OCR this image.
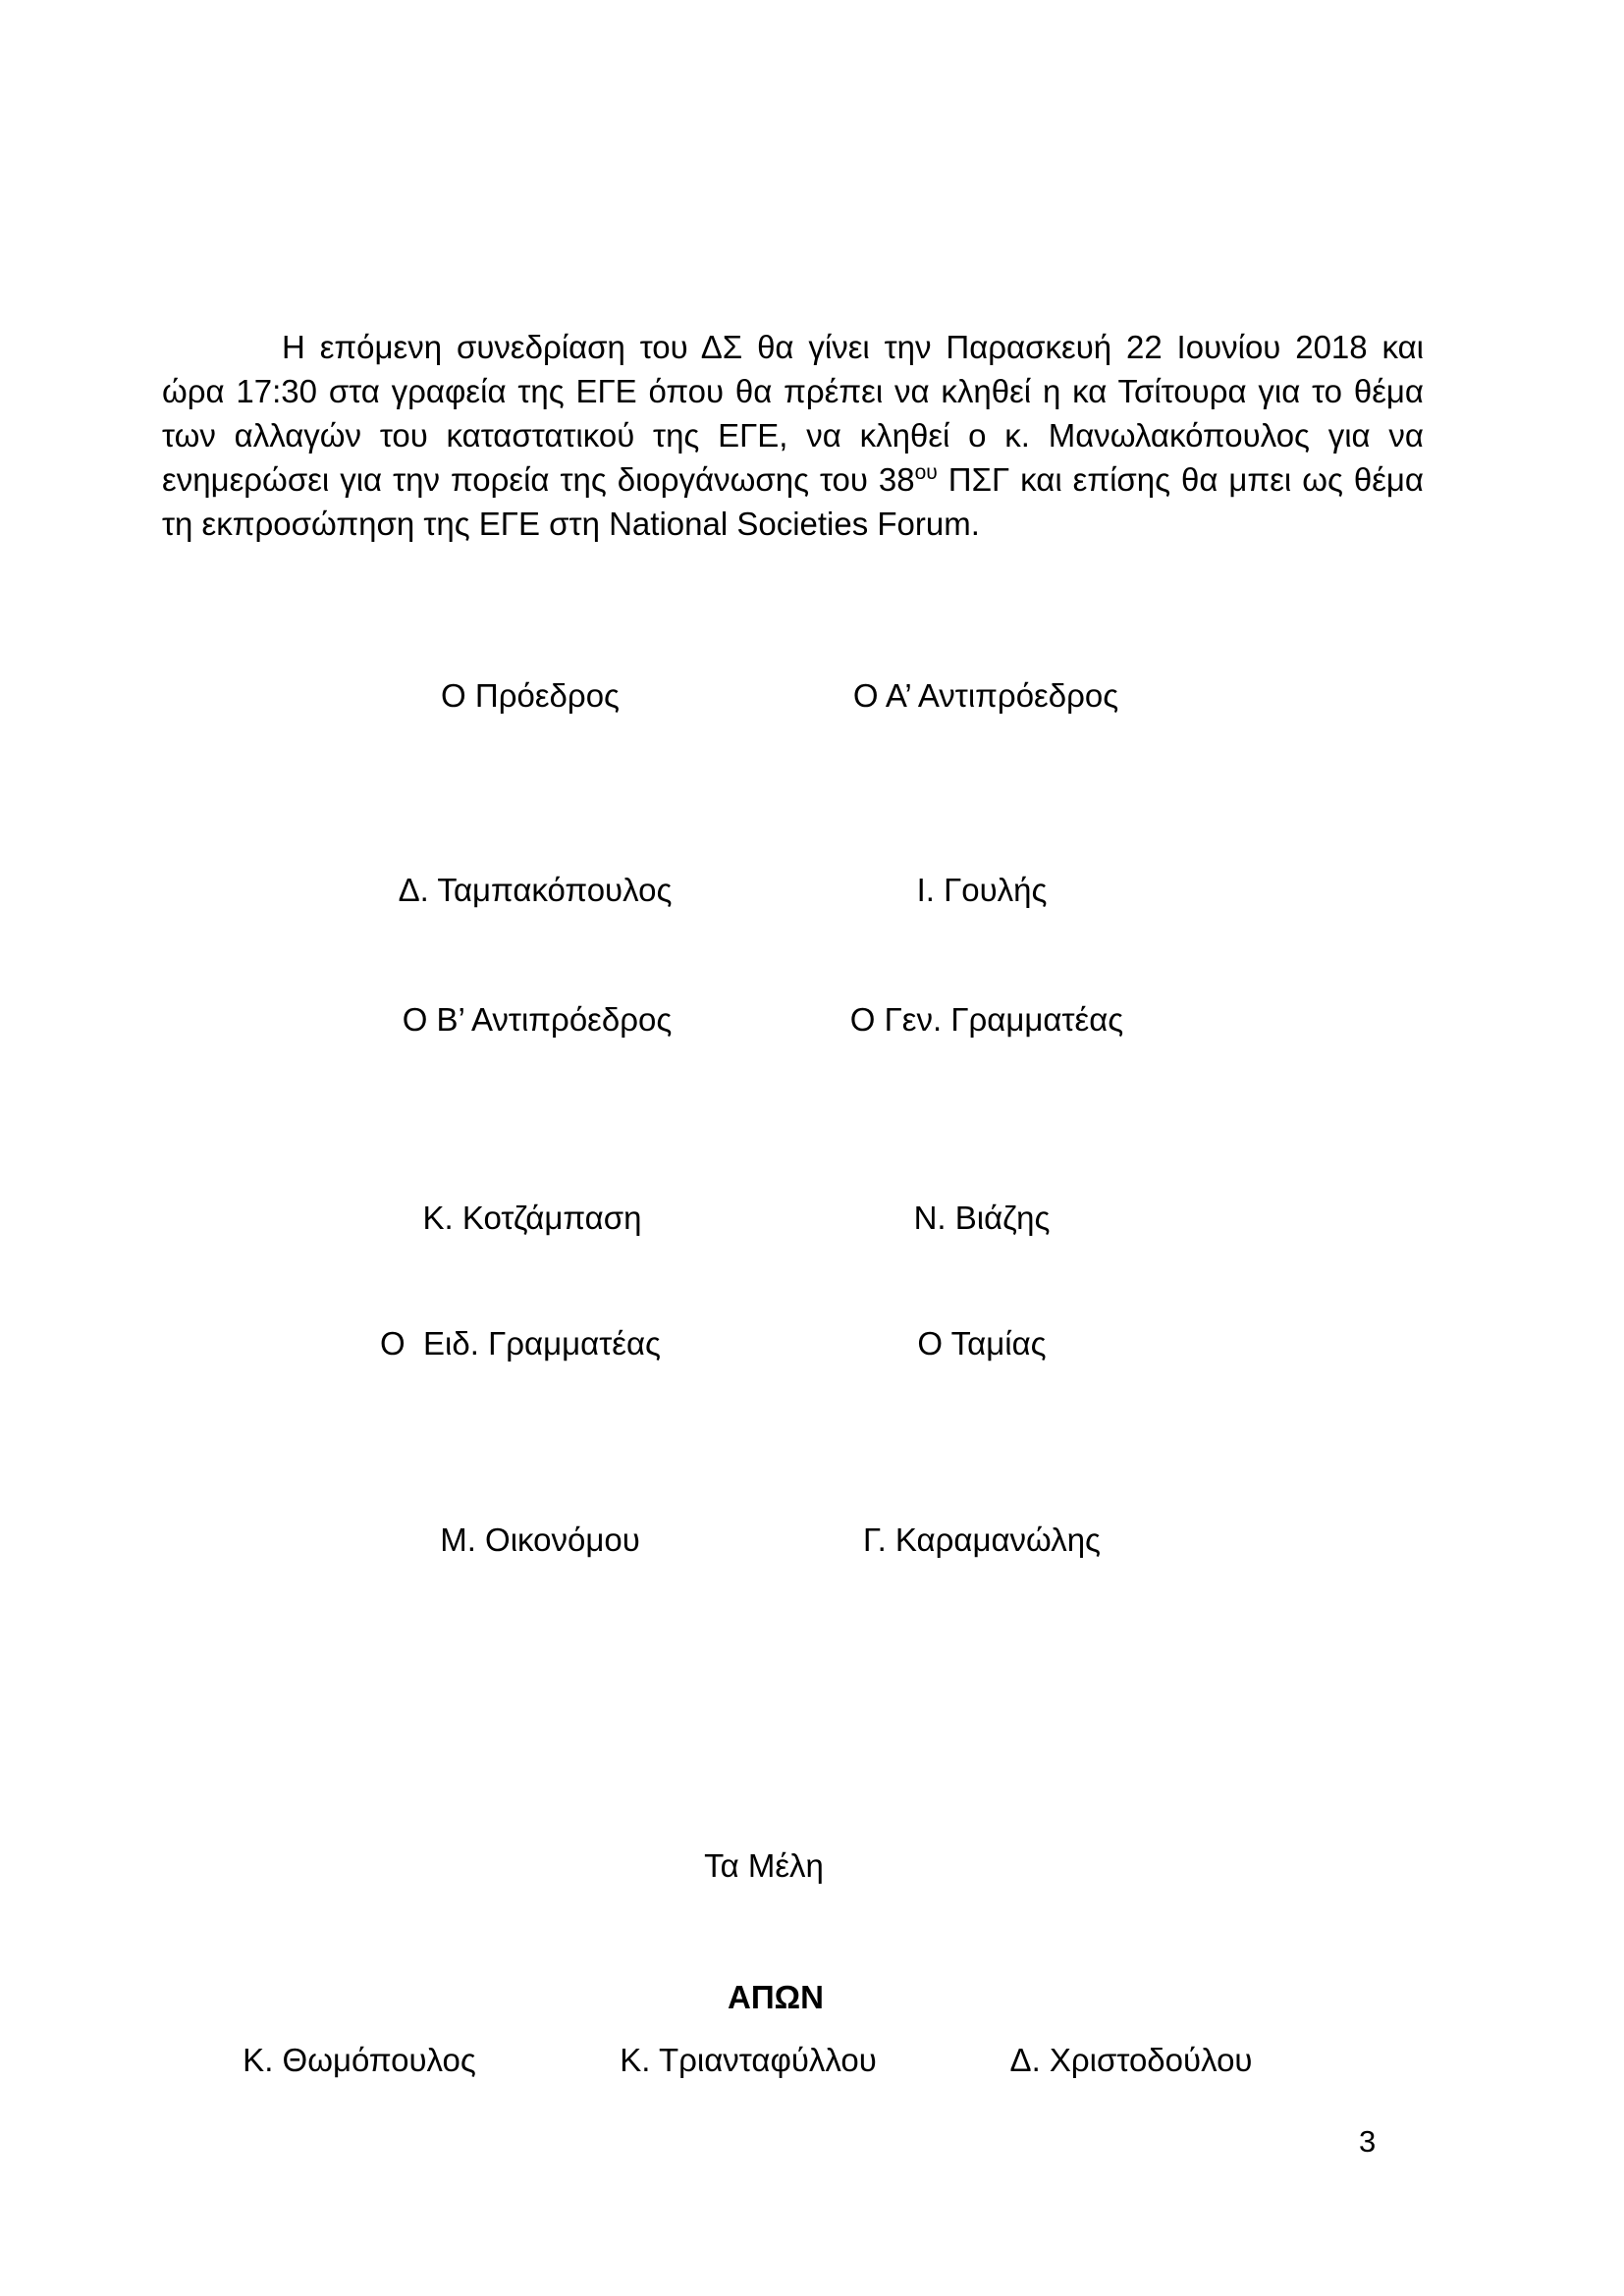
Η επόμενη συνεδρίαση του ΔΣ θα γίνει την Παρασκευή 22 Ιουνίου 2018 και ώρα 17:30 στα γραφεία της ΕΓΕ όπου θα πρέπει να κληθεί η κα Τσίτουρα για το θέμα των αλλαγών του καταστατικού της ΕΓΕ, να κληθεί ο κ. Μανωλακόπουλος για να ενημερώσει για την πορεία της διοργάνωσης του $38^{o\upsilon}$ ΠΣΓ και επίσης θα μπει ως θέμα τη εκπροσώπηση της ΕΓΕ στη National Societies Forum.

Ο Πρόεδρος	Ο Α’ Αντιπρόεδρος
Δ. Ταμπακόπουλος	Ι. Γουλής
Ο Β’ Αντιπρόεδρος	Ο Γεν. Γραμματέας
Κ. Κοτζάμπαση	Ν. Βιάζης
Ο  Ειδ. Γραμματέας	Ο Ταμίας
Μ. Οικονόμου	Γ. Καραμανώλης
Τα Μέλη
ΑΠΩΝ
Κ. Θωμόπουλος	Κ. Τριανταφύλλου	Δ. Χριστοδούλου
3
